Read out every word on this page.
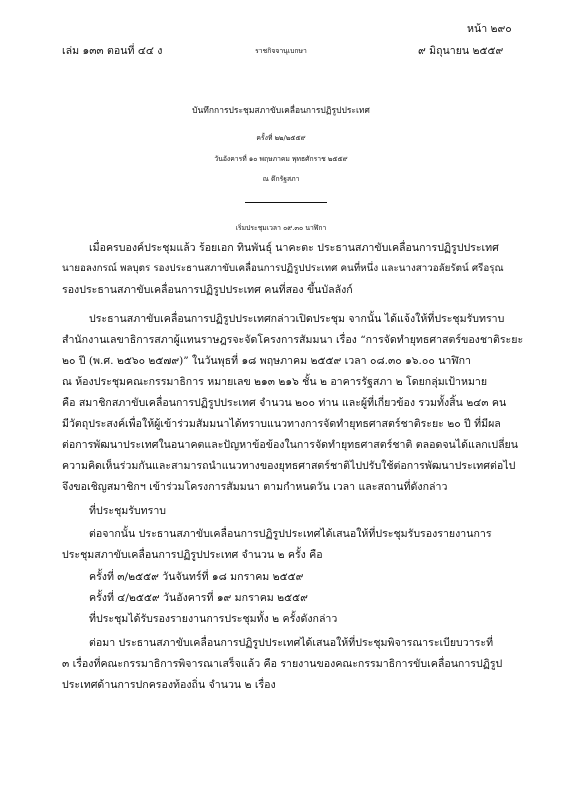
หน้า ๒๙๐
เล่ม ๑๓๓ ตอนที่ ๔๔ ง	ราชกิจจานุเบกษา	๙ มิถุนายน ๒๕๕๙
บันทึกการประชุมสภาขับเคลื่อนการปฏิรูปประเทศ
ครั้งที่ ๒๒/๒๕๕๙
วันอังคารที่ ๑๐ พฤษภาคม พุทธศักราช ๒๕๕๙
ณ ตึกรัฐสภา
เริ่มประชุมเวลา ๐๙.๓๐ นาฬิกา
เมื่อครบองค์ประชุมแล้ว ร้อยเอก ทินพันธุ์ นาคะตะ ประธานสภาขับเคลื่อนการปฏิรูปประเทศ
นายอลงกรณ์ พลบุตร รองประธานสภาขับเคลื่อนการปฏิรูปประเทศ คนที่หนึ่ง และนางสาวอลัยรัตน์ ศรีอรุณ
รองประธานสภาขับเคลื่อนการปฏิรูปประเทศ คนที่สอง ขึ้นบัลลังก์
ประธานสภาขับเคลื่อนการปฏิรูปประเทศกล่าวเปิดประชุม จากนั้น ได้แจ้งให้ที่ประชุมรับทราบ
สำนักงานเลขาธิการสภาผู้แทนราษฎรจะจัดโครงการสัมมนา เรื่อง “การจัดทำยุทธศาสตร์ของชาติระยะ
๒๐ ปี (พ.ศ. ๒๕๖๐ ๒๕๗๙)” ในวันพุธที่ ๑๘ พฤษภาคม ๒๕๕๙ เวลา ๐๘.๓๐ ๑๖.๐๐ นาฬิกา
ณ ห้องประชุมคณะกรรมาธิการ หมายเลข ๒๑๓ ๒๑๖ ชั้น ๒ อาคารรัฐสภา ๒ โดยกลุ่มเป้าหมาย
คือ สมาชิกสภาขับเคลื่อนการปฏิรูปประเทศ จำนวน ๒๐๐ ท่าน และผู้ที่เกี่ยวข้อง รวมทั้งสิ้น ๒๔๓ คน
มีวัตถุประสงค์เพื่อให้ผู้เข้าร่วมสัมมนาได้ทราบแนวทางการจัดทำยุทธศาสตร์ชาติระยะ ๒๐ ปี ที่มีผล
ต่อการพัฒนาประเทศในอนาคตและปัญหาข้อข้องในการจัดทำยุทธศาสตร์ชาติ ตลอดจนได้แลกเปลี่ยน
ความคิดเห็นร่วมกันและสามารถนำแนวทางของยุทธศาสตร์ชาติไปปรับใช้ต่อการพัฒนาประเทศต่อไป
จึงขอเชิญสมาชิกฯ เข้าร่วมโครงการสัมมนา ตามกำหนดวัน เวลา และสถานที่ดังกล่าว
ที่ประชุมรับทราบ
ต่อจากนั้น ประธานสภาขับเคลื่อนการปฏิรูปประเทศได้เสนอให้ที่ประชุมรับรองรายงานการ
ประชุมสภาขับเคลื่อนการปฏิรูปประเทศ จำนวน ๒ ครั้ง คือ
ครั้งที่ ๓/๒๕๕๙ วันจันทร์ที่ ๑๘ มกราคม ๒๕๕๙
ครั้งที่ ๔/๒๕๕๙ วันอังคารที่ ๑๙ มกราคม ๒๕๕๙
ที่ประชุมได้รับรองรายงานการประชุมทั้ง ๒ ครั้งดังกล่าว
ต่อมา ประธานสภาขับเคลื่อนการปฏิรูปประเทศได้เสนอให้ที่ประชุมพิจารณาระเบียบวาระที่
๓ เรื่องที่คณะกรรมาธิการพิจารณาเสร็จแล้ว คือ รายงานของคณะกรรมาธิการขับเคลื่อนการปฏิรูป
ประเทศด้านการปกครองท้องถิ่น จำนวน ๒ เรื่อง
